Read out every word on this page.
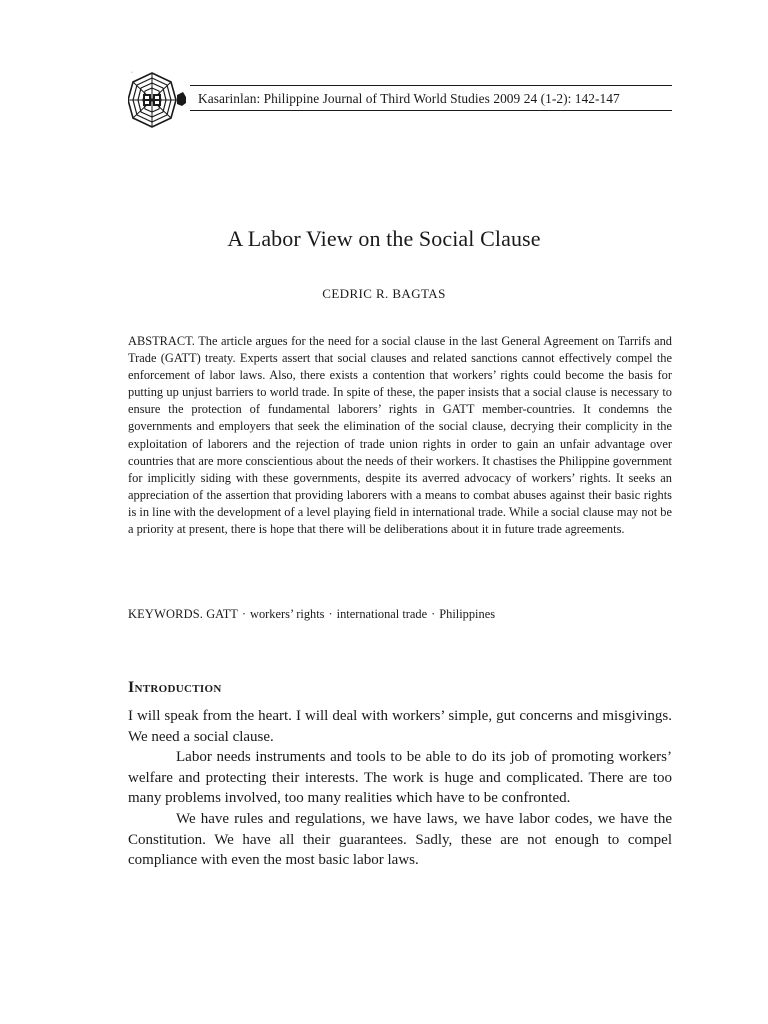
·
Kasarinlan: Philippine Journal of Third World Studies 2009 24 (1-2): 142-147
A Labor View on the Social Clause
CEDRIC R. BAGTAS

ABSTRACT. The article argues for the need for a social clause in the last General Agreement on Tarrifs and Trade (GATT) treaty. Experts assert that social clauses and related sanctions cannot effectively compel the enforcement of labor laws. Also, there exists a contention that workers’ rights could become the basis for putting up unjust barriers to world trade. In spite of these, the paper insists that a social clause is necessary to ensure the protection of fundamental laborers’ rights in GATT member-countries. It condemns the governments and employers that seek the elimination of the social clause, decrying their complicity in the exploitation of laborers and the rejection of trade union rights in order to gain an unfair advantage over countries that are more conscientious about the needs of their workers. It chastises the Philippine government for implicitly siding with these governments, despite its averred advocacy of workers’ rights. It seeks an appreciation of the assertion that providing laborers with a means to combat abuses against their basic rights is in line with the development of a level playing field in international trade. While a social clause may not be a priority at present, there is hope that there will be deliberations about it in future trade agreements.

KEYWORDS. GATT · workers’ rights · international trade · Philippines

Introduction

I will speak from the heart. I will deal with workers’ simple, gut concerns and misgivings. We need a social clause.

Labor needs instruments and tools to be able to do its job of promoting workers’ welfare and protecting their interests. The work is huge and complicated. There are too many problems involved, too many realities which have to be confronted.

We have rules and regulations, we have laws, we have labor codes, we have the Constitution. We have all their guarantees. Sadly, these are not enough to compel compliance with even the most basic labor laws.
